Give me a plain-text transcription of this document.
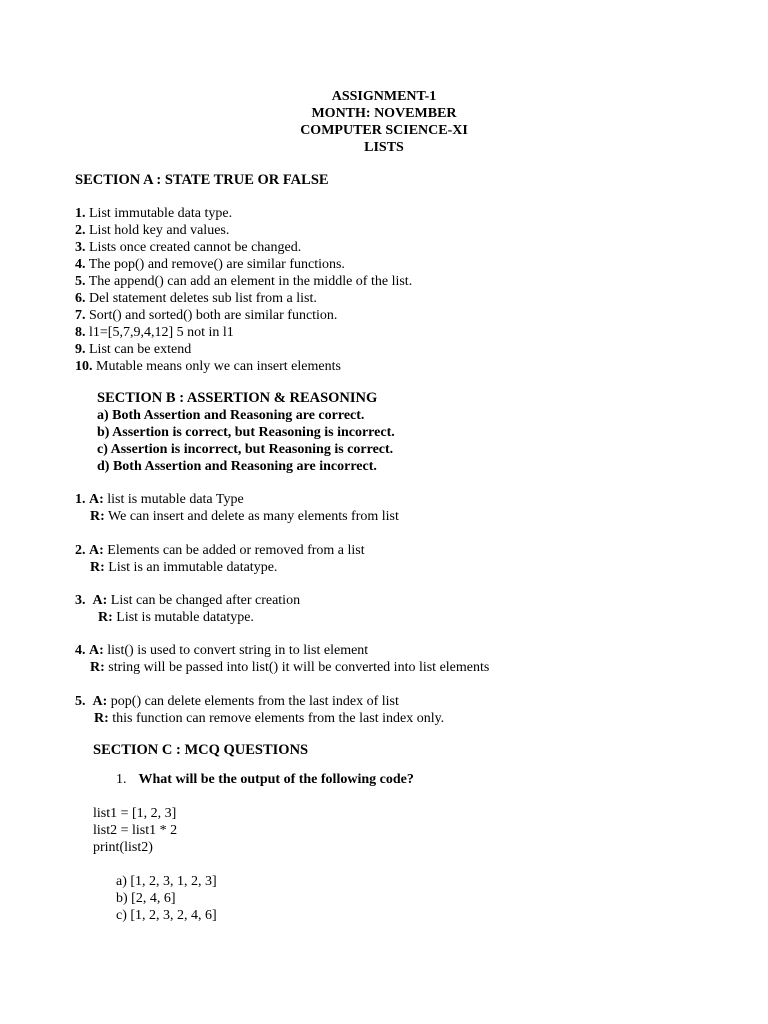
ASSIGNMENT-1
MONTH: NOVEMBER
COMPUTER SCIENCE-XI
LISTS
SECTION A : STATE TRUE OR FALSE
1. List immutable data type.
2. List hold key and values.
3. Lists once created cannot be changed.
4. The pop() and remove() are similar functions.
5. The append() can add an element in the middle of the list.
6. Del statement deletes sub list from a list.
7. Sort() and sorted() both are similar function.
8. l1=[5,7,9,4,12] 5 not in l1
9. List can be extend
10. Mutable means only we can insert elements
SECTION B : ASSERTION & REASONING
a) Both Assertion and Reasoning are correct.
b) Assertion is correct, but Reasoning is incorrect.
c) Assertion is incorrect, but Reasoning is correct.
d) Both Assertion and Reasoning are incorrect.
1. A: list is mutable data Type
R: We can insert and delete as many elements from list
2. A: Elements can be added or removed from a list
R: List is an immutable datatype.
3. A: List can be changed after creation
R: List is mutable datatype.
4. A: list() is used to convert string in to list element
R: string will be passed into list() it will be converted into list elements
5. A: pop() can delete elements from the last index of list
R: this function can remove elements from the last index only.
SECTION C : MCQ QUESTIONS
1. What will be the output of the following code?
list1 = [1, 2, 3]
list2 = list1 * 2
print(list2)
a) [1, 2, 3, 1, 2, 3]
b) [2, 4, 6]
c) [1, 2, 3, 2, 4, 6]
